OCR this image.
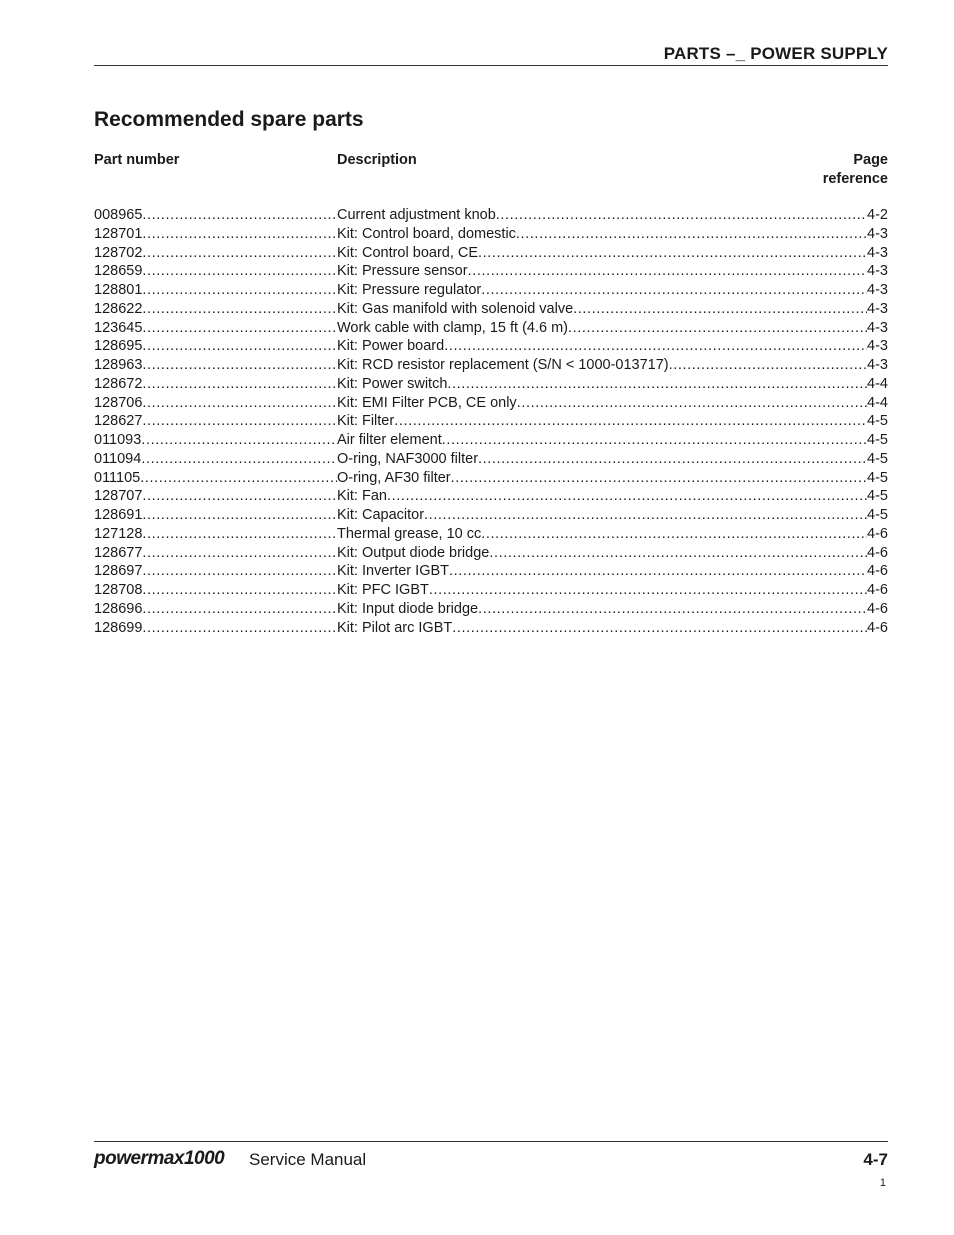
PARTS –_ POWER SUPPLY
Recommended spare parts
Part number	Description	Page
reference
008965 .....	Current adjustment knob .....	4-2
128701 .....	Kit: Control board, domestic .....	4-3
128702 .....	Kit: Control board, CE .....	4-3
128659 .....	Kit: Pressure sensor .....	4-3
128801 .....	Kit: Pressure regulator .....	4-3
128622 .....	Kit: Gas manifold with solenoid valve .....	4-3
123645 .....	Work cable with clamp, 15 ft (4.6 m) .....	4-3
128695 .....	Kit: Power board .....	4-3
128963 .....	Kit: RCD resistor replacement (S/N < 1000-013717) .....	4-3
128672 .....	Kit: Power switch .....	4-4
128706 .....	Kit: EMI Filter PCB, CE only .....	4-4
128627 .....	Kit: Filter .....	4-5
011093 .....	Air filter element .....	4-5
011094 .....	O-ring, NAF3000 filter .....	4-5
011105 .....	O-ring, AF30 filter .....	4-5
128707 .....	Kit: Fan .....	4-5
128691 .....	Kit: Capacitor .....	4-5
127128 .....	Thermal grease, 10 cc .....	4-6
128677 .....	Kit: Output diode bridge .....	4-6
128697 .....	Kit: Inverter IGBT .....	4-6
128708 .....	Kit: PFC IGBT .....	4-6
128696 .....	Kit: Input diode bridge .....	4-6
128699 .....	Kit: Pilot arc IGBT .....	4-6
powermax1000 Service Manual	4-7
1
